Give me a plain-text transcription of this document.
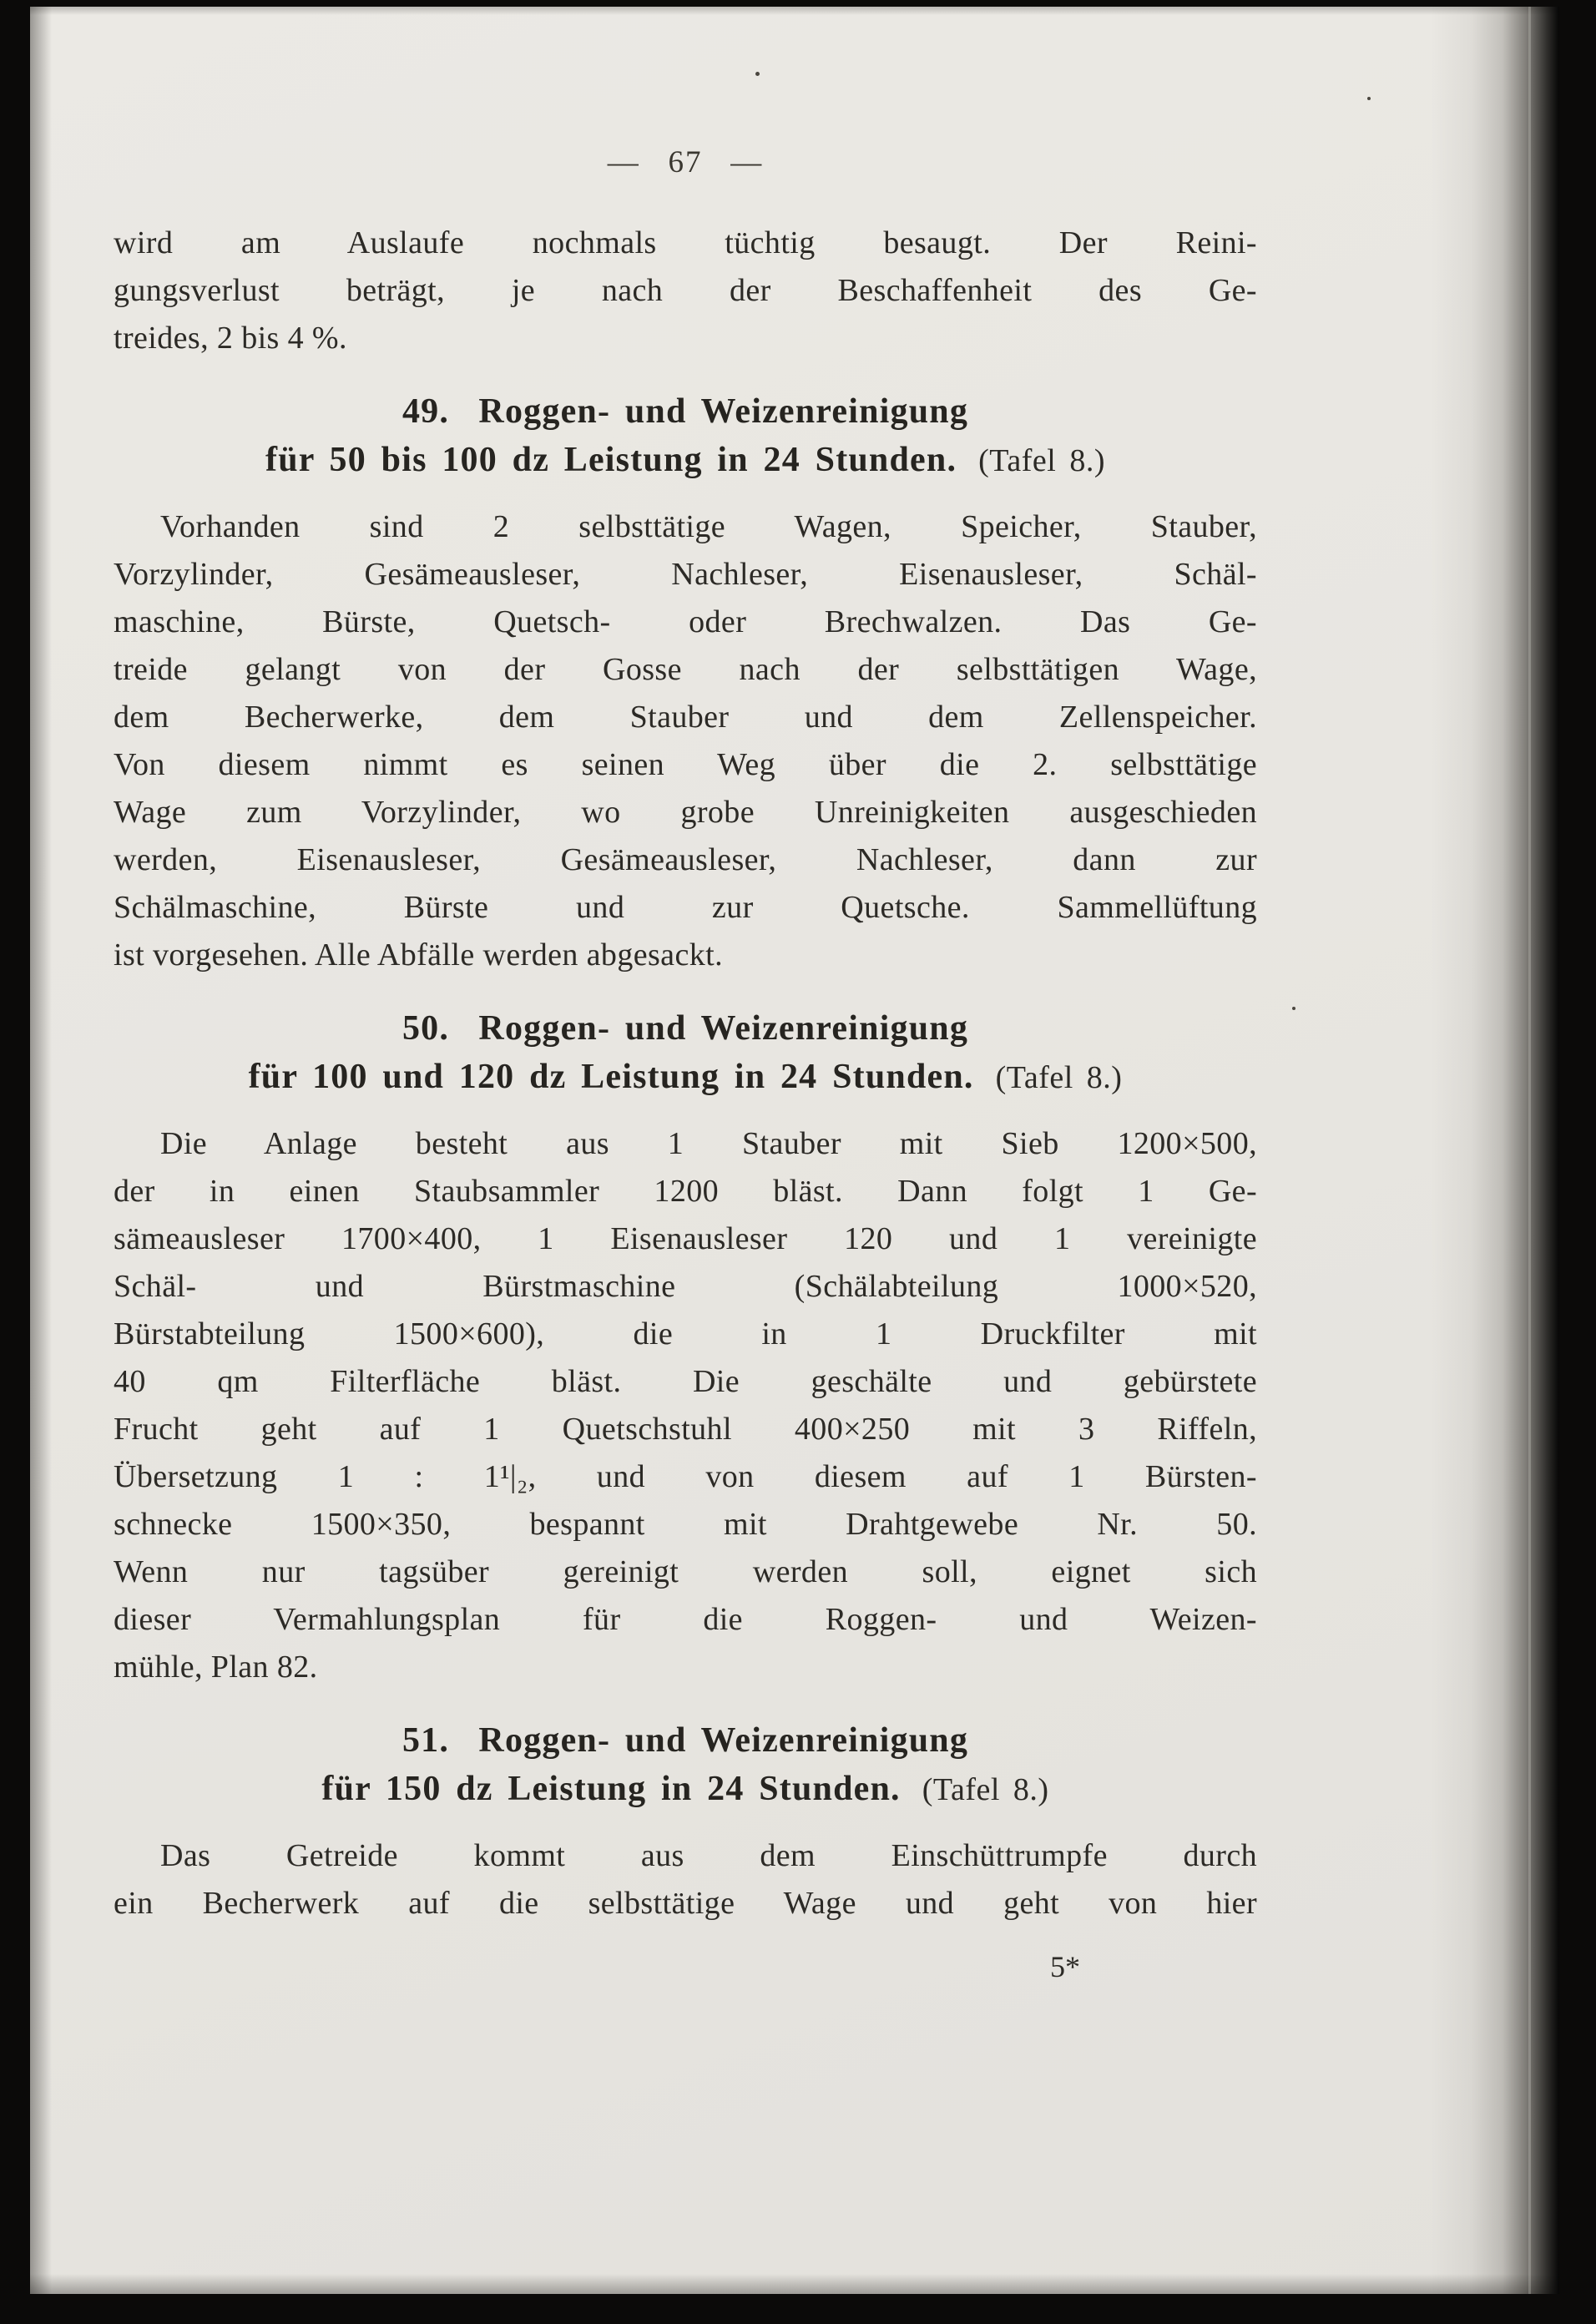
—   67   —
wird am Auslaufe nochmals tüchtig besaugt. Der Reini-
gungsverlust beträgt, je nach der Beschaffenheit des Ge-
treides, 2 bis 4 %.
49.  Roggen- und Weizenreinigung
für 50 bis 100 dz Leistung in 24 Stunden. (Tafel 8.)
Vorhanden sind 2 selbsttätige Wagen, Speicher, Stauber,
Vorzylinder, Gesämeausleser, Nachleser, Eisenausleser, Schäl-
maschine, Bürste, Quetsch- oder Brechwalzen. Das Ge-
treide gelangt von der Gosse nach der selbsttätigen Wage,
dem Becherwerke, dem Stauber und dem Zellenspeicher.
Von diesem nimmt es seinen Weg über die 2. selbsttätige
Wage zum Vorzylinder, wo grobe Unreinigkeiten ausgeschieden
werden, Eisenausleser, Gesämeausleser, Nachleser, dann zur
Schälmaschine, Bürste und zur Quetsche. Sammellüftung
ist vorgesehen. Alle Abfälle werden abgesackt.
50.  Roggen- und Weizenreinigung
für 100 und 120 dz Leistung in 24 Stunden. (Tafel 8.)
Die Anlage besteht aus 1 Stauber mit Sieb 1200×500,
der in einen Staubsammler 1200 bläst. Dann folgt 1 Ge-
sämeausleser 1700×400, 1 Eisenausleser 120 und 1 vereinigte
Schäl- und Bürstmaschine (Schälabteilung 1000×520,
Bürstabteilung 1500×600), die in 1 Druckfilter mit
40 qm Filterfläche bläst. Die geschälte und gebürstete
Frucht geht auf 1 Quetschstuhl 400×250 mit 3 Riffeln,
Übersetzung 1 : 1¹|₂, und von diesem auf 1 Bürsten-
schnecke 1500×350, bespannt mit Drahtgewebe Nr. 50.
Wenn nur tagsüber gereinigt werden soll, eignet sich
dieser Vermahlungsplan für die Roggen- und Weizen-
mühle, Plan 82.
51.  Roggen- und Weizenreinigung
für 150 dz Leistung in 24 Stunden. (Tafel 8.)
Das Getreide kommt aus dem Einschüttrumpfe durch
ein Becherwerk auf die selbsttätige Wage und geht von hier
5*
